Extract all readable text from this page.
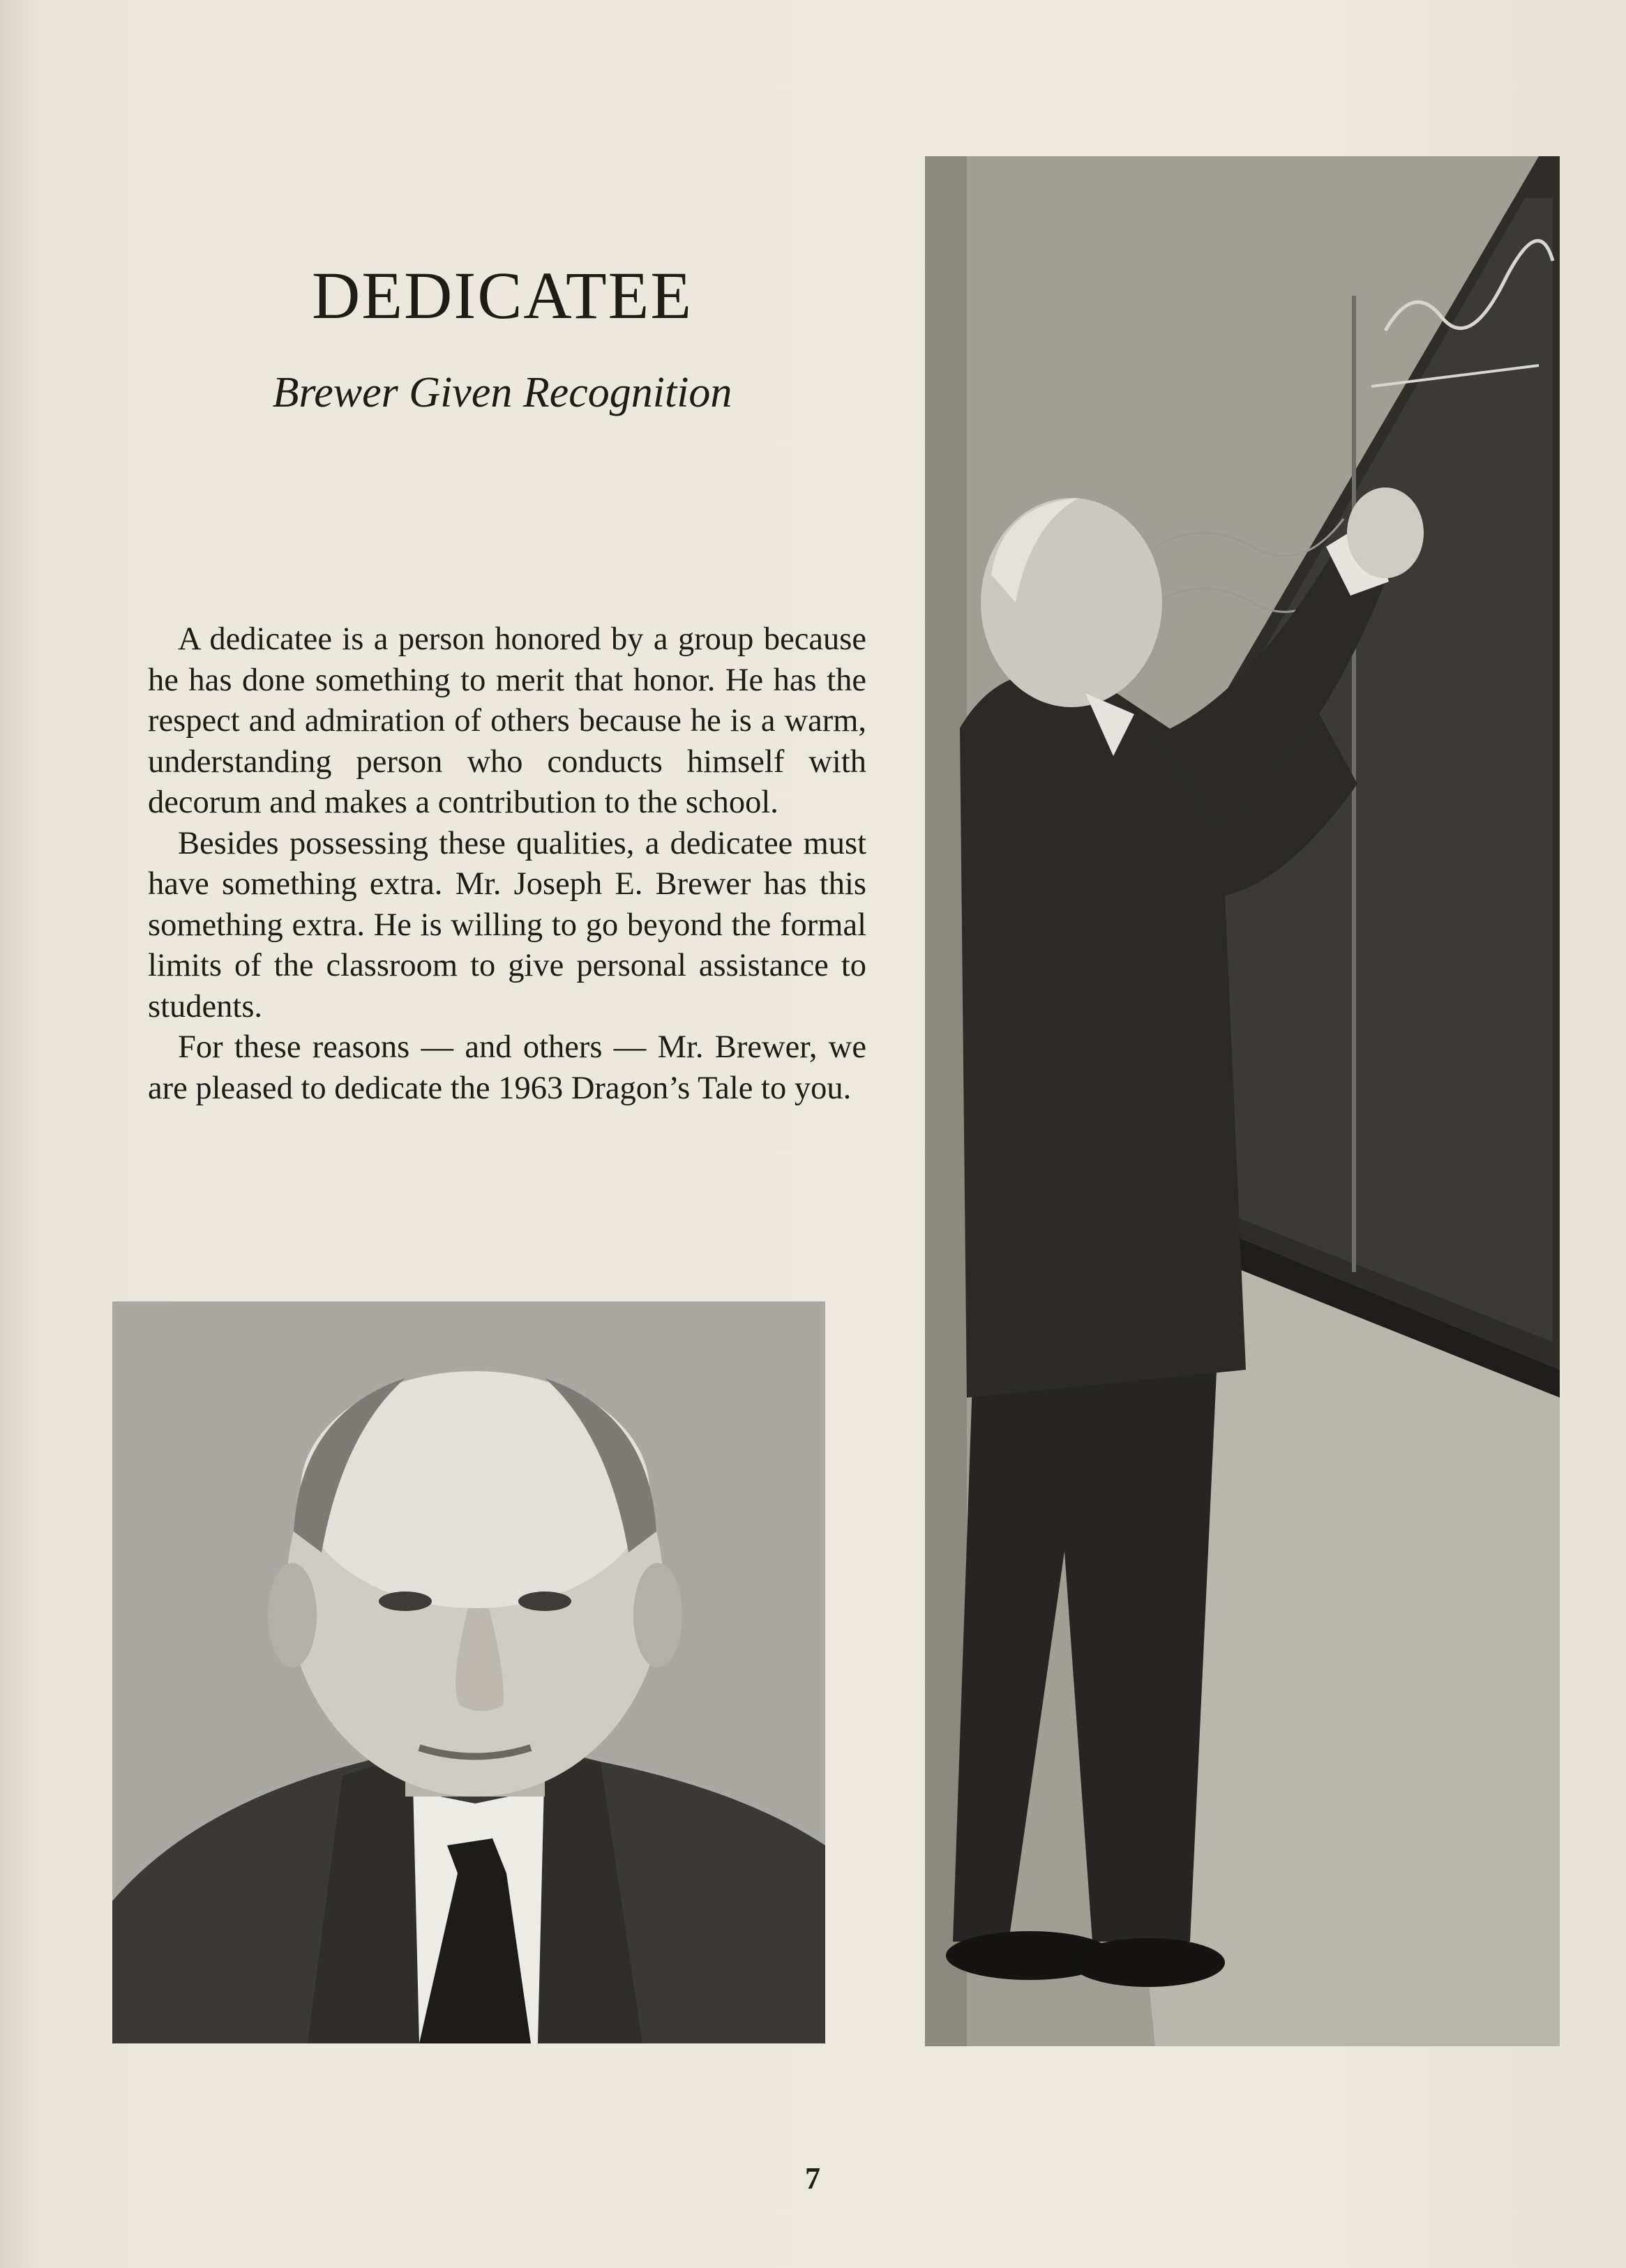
DEDICATEE
Brewer Given Recognition

A dedicatee is a person honored by a group because he has done something to merit that honor. He has the respect and admiration of others because he is a warm, understanding person who conducts himself with decorum and makes a contribution to the school.

Besides possessing these qualities, a dedicatee must have something extra. Mr. Joseph E. Brewer has this something extra. He is willing to go beyond the formal limits of the classroom to give personal assistance to students.

For these reasons — and others — Mr. Brewer, we are pleased to dedicate the 1963 Dragon’s Tale to you.

7
